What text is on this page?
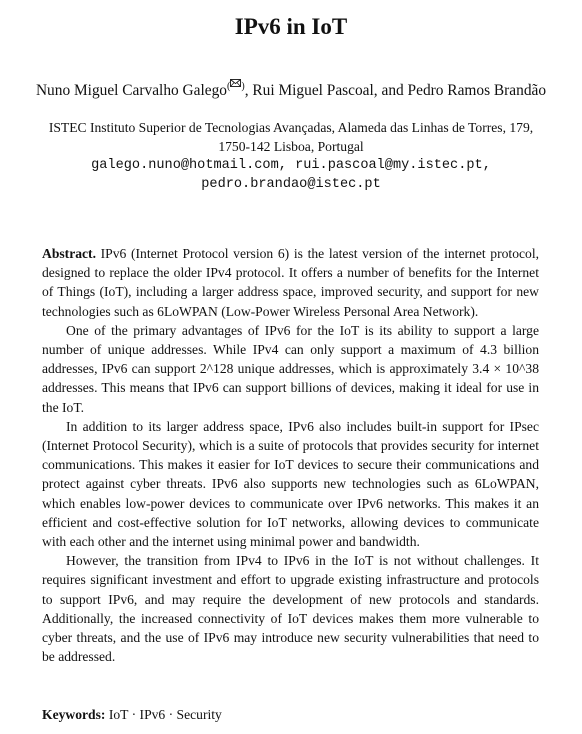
IPv6 in IoT
Nuno Miguel Carvalho Galego( ), Rui Miguel Pascoal, and Pedro Ramos Brandão
ISTEC Instituto Superior de Tecnologias Avançadas, Alameda das Linhas de Torres, 179,
1750-142 Lisboa, Portugal
galego.nuno@hotmail.com, rui.pascoal@my.istec.pt,
pedro.brandao@istec.pt

Abstract. IPv6 (Internet Protocol version 6) is the latest version of the internet protocol, designed to replace the older IPv4 protocol. It offers a number of benefits for the Internet of Things (IoT), including a larger address space, improved security, and support for new technologies such as 6LoWPAN (Low-Power Wireless Personal Area Network).

One of the primary advantages of IPv6 for the IoT is its ability to support a large number of unique addresses. While IPv4 can only support a maximum of 4.3 billion addresses, IPv6 can support 2^128 unique addresses, which is approximately 3.4 × 10^38 addresses. This means that IPv6 can support billions of devices, making it ideal for use in the IoT.

In addition to its larger address space, IPv6 also includes built-in support for IPsec (Internet Protocol Security), which is a suite of protocols that provides security for internet communications. This makes it easier for IoT devices to secure their communications and protect against cyber threats. IPv6 also supports new technologies such as 6LoWPAN, which enables low-power devices to communicate over IPv6 networks. This makes it an efficient and cost-effective solution for IoT networks, allowing devices to communicate with each other and the internet using minimal power and bandwidth.

However, the transition from IPv4 to IPv6 in the IoT is not without challenges. It requires significant investment and effort to upgrade existing infrastructure and protocols to support IPv6, and may require the development of new protocols and standards. Additionally, the increased connectivity of IoT devices makes them more vulnerable to cyber threats, and the use of IPv6 may introduce new security vulnerabilities that need to be addressed.

Keywords: IoT · IPv6 · Security
